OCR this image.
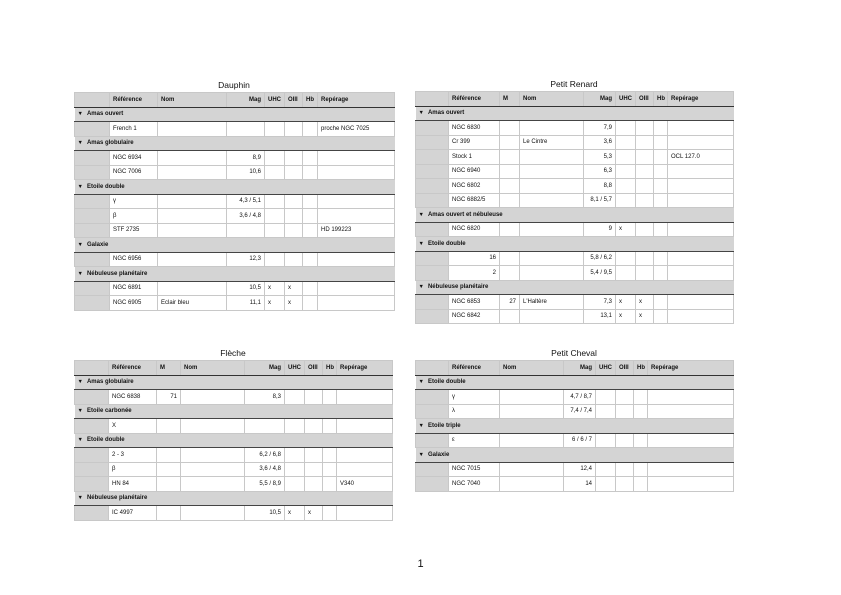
Dauphin
	Référence	Nom	Mag	UHC	OIII	Hb	Repérage
▼ Amas ouvert							
	French 1						proche NGC 7025
▼ Amas globulaire							
	NGC 6934		8,9				
	NGC 7006		10,6				
▼ Etoile double							
	γ		4,3 / 5,1				
	β		3,6 / 4,8				
	STF 2735						HD 199223
▼ Galaxie							
	NGC 6956		12,3				
▼ Nébuleuse planétaire							
	NGC 6891		10,5	x	x		
	NGC 6905	Eclair bleu	11,1	x	x		
Petit Renard
	Référence	M	Nom	Mag	UHC	OIII	Hb	Repérage
▼ Amas ouvert								
	NGC 6830			7,9				
	Cr 399		Le Cintre	3,6				
	Stock 1			5,3				OCL 127.0
	NGC 6940			6,3				
	NGC 6802			8,8				
	NGC 6882/5			8,1 / 5,7				
▼ Amas ouvert et nébuleuse								
	NGC 6820			9	x			
▼ Etoile double								
	16			5,8 / 6,2				
	2			5,4 / 9,5				
▼ Nébuleuse planétaire								
	NGC 6853	27	L'Haltère	7,3	x	x		
	NGC 6842			13,1	x	x		
Flèche
	Référence	M	Nom	Mag	UHC	OIII	Hb	Repérage
▼ Amas globulaire								
	NGC 6838	71		8,3				
▼ Etoile carbonée								
	X							
▼ Etoile double								
	2 - 3			6,2 / 6,8				
	β			3,6 / 4,8				
	HN 84			5,5 / 8,9				V340
▼ Nébuleuse planétaire								
	IC 4997			10,5	x	x		
Petit Cheval
	Référence	Nom	Mag	UHC	OIII	Hb	Repérage
▼ Etoile double							
	γ		4,7 / 8,7				
	λ		7,4 / 7,4				
▼ Etoile triple							
	ε		6 / 6 / 7				
▼ Galaxie							
	NGC 7015		12,4				
	NGC 7040		14				
1
